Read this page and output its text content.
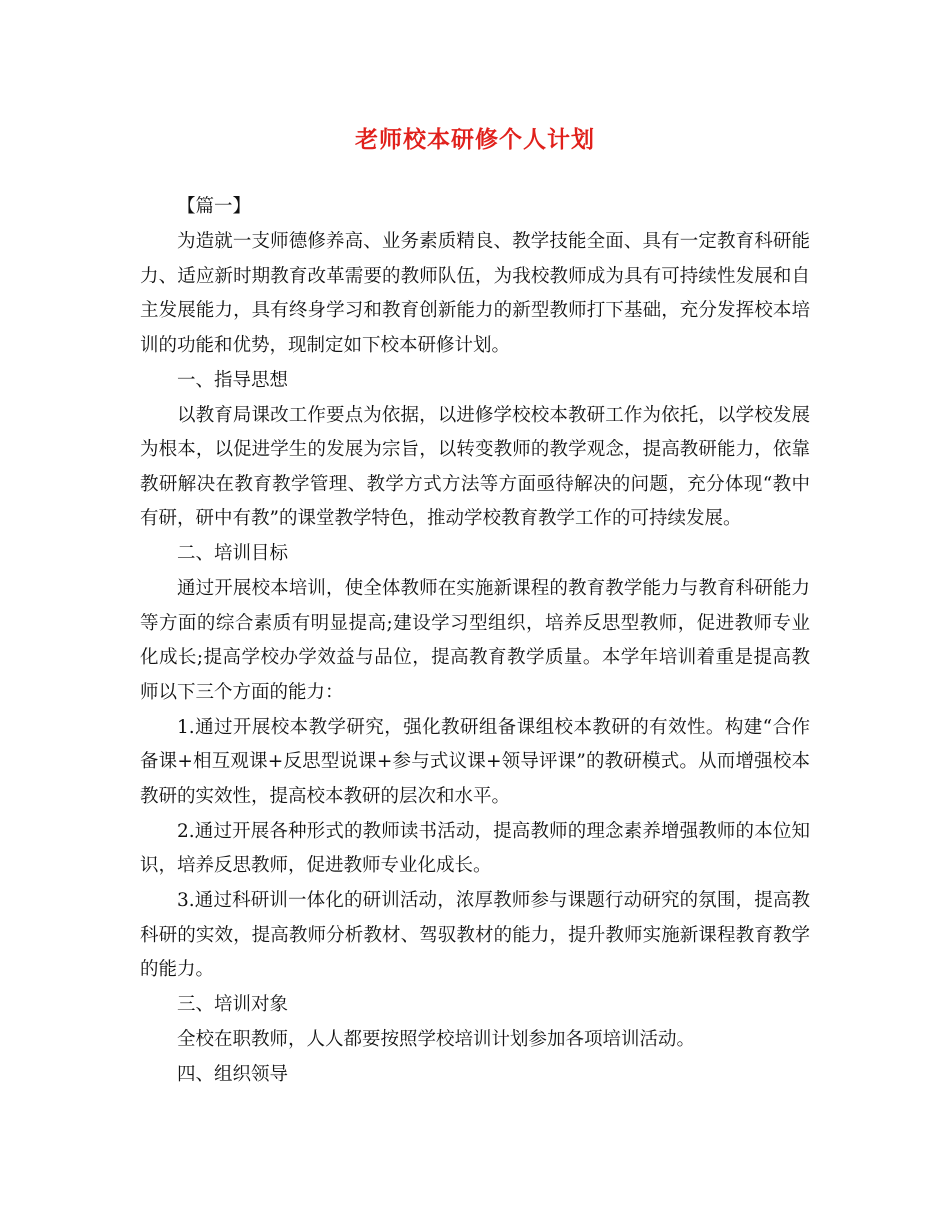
老师校本研修个人计划

【篇一】

为造就一支师德修养高、业务素质精良、教学技能全面、具有一定教育科研能力、适应新时期教育改革需要的教师队伍，为我校教师成为具有可持续性发展和自主发展能力，具有终身学习和教育创新能力的新型教师打下基础，充分发挥校本培训的功能和优势，现制定如下校本研修计划。

一、指导思想

以教育局课改工作要点为依据，以进修学校校本教研工作为依托，以学校发展为根本，以促进学生的发展为宗旨，以转变教师的教学观念，提高教研能力，依靠教研解决在教育教学管理、教学方式方法等方面亟待解决的问题，充分体现“教中有研，研中有教”的课堂教学特色，推动学校教育教学工作的可持续发展。

二、培训目标

通过开展校本培训，使全体教师在实施新课程的教育教学能力与教育科研能力等方面的综合素质有明显提高;建设学习型组织，培养反思型教师，促进教师专业化成长;提高学校办学效益与品位，提高教育教学质量。本学年培训着重是提高教师以下三个方面的能力：

1.通过开展校本教学研究，强化教研组备课组校本教研的有效性。构建“合作备课+相互观课+反思型说课+参与式议课+领导评课”的教研模式。从而增强校本教研的实效性，提高校本教研的层次和水平。

2.通过开展各种形式的教师读书活动，提高教师的理念素养增强教师的本位知识，培养反思教师，促进教师专业化成长。

3.通过科研训一体化的研训活动，浓厚教师参与课题行动研究的氛围，提高教科研的实效，提高教师分析教材、驾驭教材的能力，提升教师实施新课程教育教学的能力。

三、培训对象

全校在职教师，人人都要按照学校培训计划参加各项培训活动。

四、组织领导
